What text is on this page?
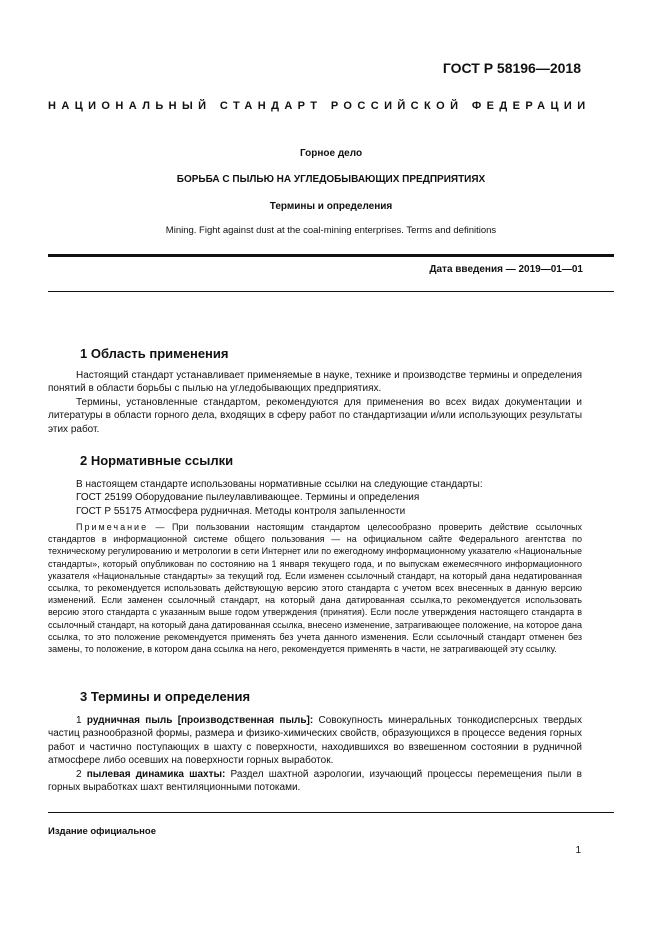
ГОСТ Р 58196—2018
НАЦИОНАЛЬНЫЙ СТАНДАРТ РОССИЙСКОЙ ФЕДЕРАЦИИ
Горное дело
БОРЬБА С ПЫЛЬЮ НА УГЛЕДОБЫВАЮЩИХ ПРЕДПРИЯТИЯХ
Термины и определения
Mining. Fight against dust at the coal-mining enterprises. Terms and definitions
Дата введения — 2019—01—01
1 Область применения
Настоящий стандарт устанавливает применяемые в науке, технике и производстве термины и определения понятий в области борьбы с пылью на угледобывающих предприятиях.
Термины, установленные стандартом, рекомендуются для применения во всех видах документации и литературы в области горного дела, входящих в сферу работ по стандартизации и/или использующих результаты этих работ.
2 Нормативные ссылки
В настоящем стандарте использованы нормативные ссылки на следующие стандарты:
ГОСТ 25199 Оборудование пылеулавливающее. Термины и определения
ГОСТ Р 55175 Атмосфера рудничная. Методы контроля запыленности
Примечание — При пользовании настоящим стандартом целесообразно проверить действие ссылочных стандартов в информационной системе общего пользования — на официальном сайте Федерального агентства по техническому регулированию и метрологии в сети Интернет или по ежегодному информационному указателю «Национальные стандарты», который опубликован по состоянию на 1 января текущего года, и по выпускам ежемесячного информационного указателя «Национальные стандарты» за текущий год. Если изменен ссылочный стандарт, на который дана недатированная ссылка, то рекомендуется использовать действующую версию этого стандарта с учетом всех внесенных в данную версию изменений. Если заменен ссылочный стандарт, на который дана датированная ссылка,то рекомендуется использовать версию этого стандарта с указанным выше годом утверждения (принятия). Если после утверждения настоящего стандарта в ссылочный стандарт, на который дана датированная ссылка, внесено изменение, затрагивающее положение, на которое дана ссылка, то это положение рекомендуется применять без учета данного изменения. Если ссылочный стандарт отменен без замены, то положение, в котором дана ссылка на него, рекомендуется применять в части, не затрагивающей эту ссылку.
3 Термины и определения
1 рудничная пыль [производственная пыль]: Совокупность минеральных тонкодисперсных твердых частиц разнообразной формы, размера и физико-химических свойств, образующихся в процессе ведения горных работ и частично поступающих в шахту с поверхности, находившихся во взвешенном состоянии в рудничной атмосфере либо осевших на поверхности горных выработок.
2 пылевая динамика шахты: Раздел шахтной аэрологии, изучающий процессы перемещения пыли в горных выработках шахт вентиляционными потоками.
Издание официальное
1
